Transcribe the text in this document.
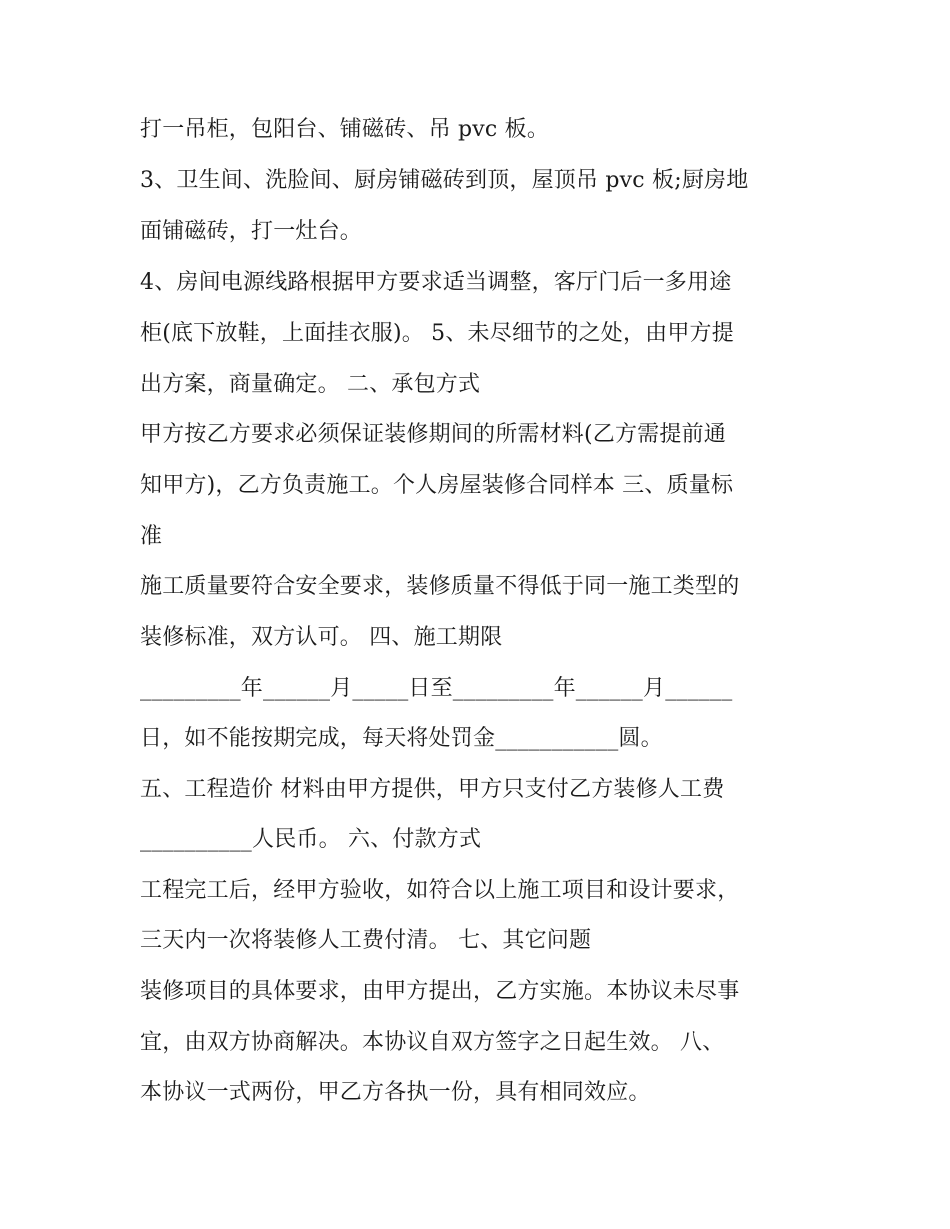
打一吊柜，包阳台、铺磁砖、吊 pvc 板。
3、卫生间、洗脸间、厨房铺磁砖到顶，屋顶吊 pvc 板;厨房地
面铺磁砖，打一灶台。
4、房间电源线路根据甲方要求适当调整，客厅门后一多用途
柜(底下放鞋，上面挂衣服)。 5、未尽细节的之处，由甲方提
出方案，商量确定。 二、承包方式
甲方按乙方要求必须保证装修期间的所需材料(乙方需提前通
知甲方)，乙方负责施工。个人房屋装修合同样本 三、质量标
准
施工质量要符合安全要求，装修质量不得低于同一施工类型的
装修标准，双方认可。 四、施工期限
_________年______月_____日至_________年______月______
日，如不能按期完成，每天将处罚金___________圆。
五、工程造价 材料由甲方提供，甲方只支付乙方装修人工费
__________人民币。 六、付款方式
工程完工后，经甲方验收，如符合以上施工项目和设计要求，
三天内一次将装修人工费付清。 七、其它问题
装修项目的具体要求，由甲方提出，乙方实施。本协议未尽事
宜，由双方协商解决。本协议自双方签字之日起生效。 八、
本协议一式两份，甲乙方各执一份，具有相同效应。
